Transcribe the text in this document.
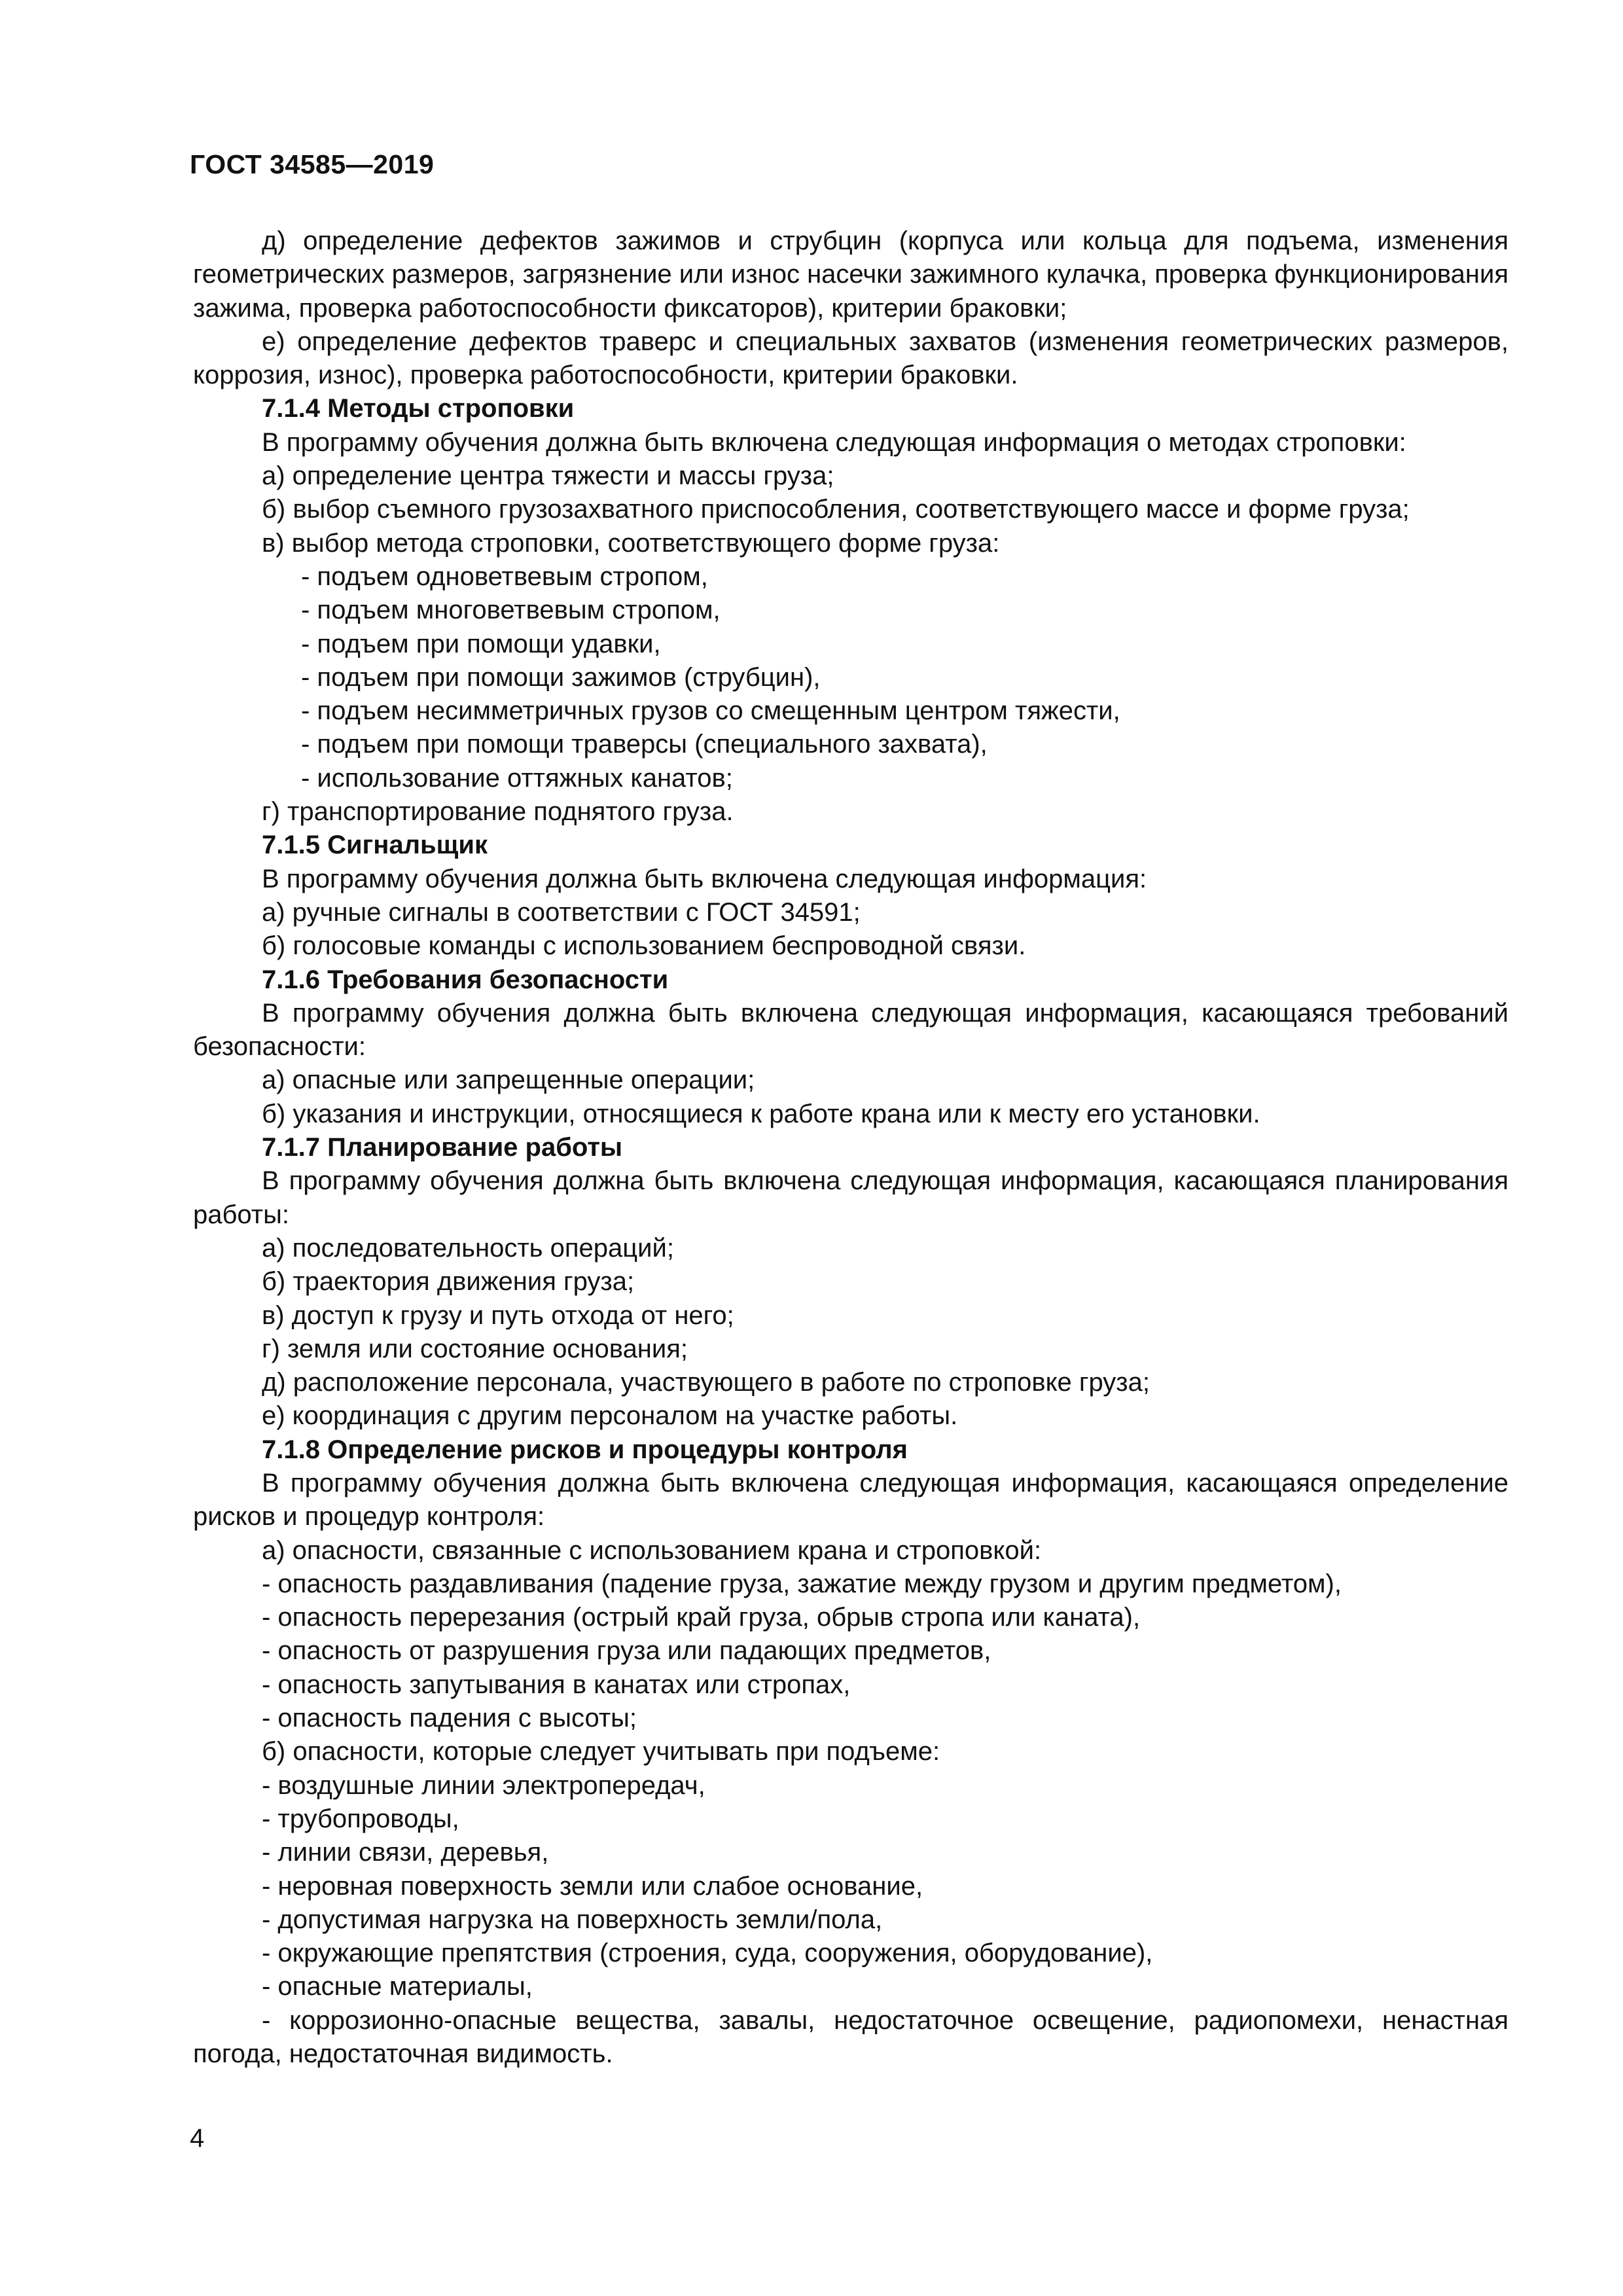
ГОСТ 34585—2019

д) определение дефектов зажимов и струбцин (корпуса или кольца для подъема, изменения геометрических размеров, загрязнение или износ насечки зажимного кулачка, проверка функционирования зажима, проверка работоспособности фиксаторов), критерии браковки;

е) определение дефектов траверс и специальных захватов (изменения геометрических размеров, коррозия, износ), проверка работоспособности, критерии браковки.

7.1.4 Методы строповки

В программу обучения должна быть включена следующая информация о методах строповки:

а) определение центра тяжести и массы груза;

б) выбор съемного грузозахватного приспособления, соответствующего массе и форме груза;

в) выбор метода строповки, соответствующего форме груза:

- подъем одноветвевым стропом,

- подъем многоветвевым стропом,

- подъем при помощи удавки,

- подъем при помощи зажимов (струбцин),

- подъем несимметричных грузов со смещенным центром тяжести,

- подъем при помощи траверсы (специального захвата),

- использование оттяжных канатов;

г) транспортирование поднятого груза.

7.1.5 Сигнальщик

В программу обучения должна быть включена следующая информация:

а) ручные сигналы в соответствии с ГОСТ 34591;

б) голосовые команды с использованием беспроводной связи.

7.1.6 Требования безопасности

В программу обучения должна быть включена следующая информация, касающаяся требований безопасности:

а) опасные или запрещенные операции;

б) указания и инструкции, относящиеся к работе крана или к месту его установки.

7.1.7 Планирование работы

В программу обучения должна быть включена следующая информация, касающаяся планирования работы:

а) последовательность операций;

б) траектория движения груза;

в) доступ к грузу и путь отхода от него;

г) земля или состояние основания;

д) расположение персонала, участвующего в работе по строповке груза;

е) координация с другим персоналом на участке работы.

7.1.8 Определение рисков и процедуры контроля

В программу обучения должна быть включена следующая информация, касающаяся определение рисков и процедур контроля:

а) опасности, связанные с использованием крана и строповкой:

- опасность раздавливания (падение груза, зажатие между грузом и другим предметом),

- опасность перерезания (острый край груза, обрыв стропа или каната),

- опасность от разрушения груза или падающих предметов,

- опасность запутывания в канатах или стропах,

- опасность падения с высоты;

б) опасности, которые следует учитывать при подъеме:

- воздушные линии электропередач,

- трубопроводы,

- линии связи, деревья,

- неровная поверхность земли или слабое основание,

- допустимая нагрузка на поверхность земли/пола,

- окружающие препятствия (строения, суда, сооружения, оборудование),

- опасные материалы,

- коррозионно-опасные вещества, завалы, недостаточное освещение, радиопомехи, ненастная погода, недостаточная видимость.

4
